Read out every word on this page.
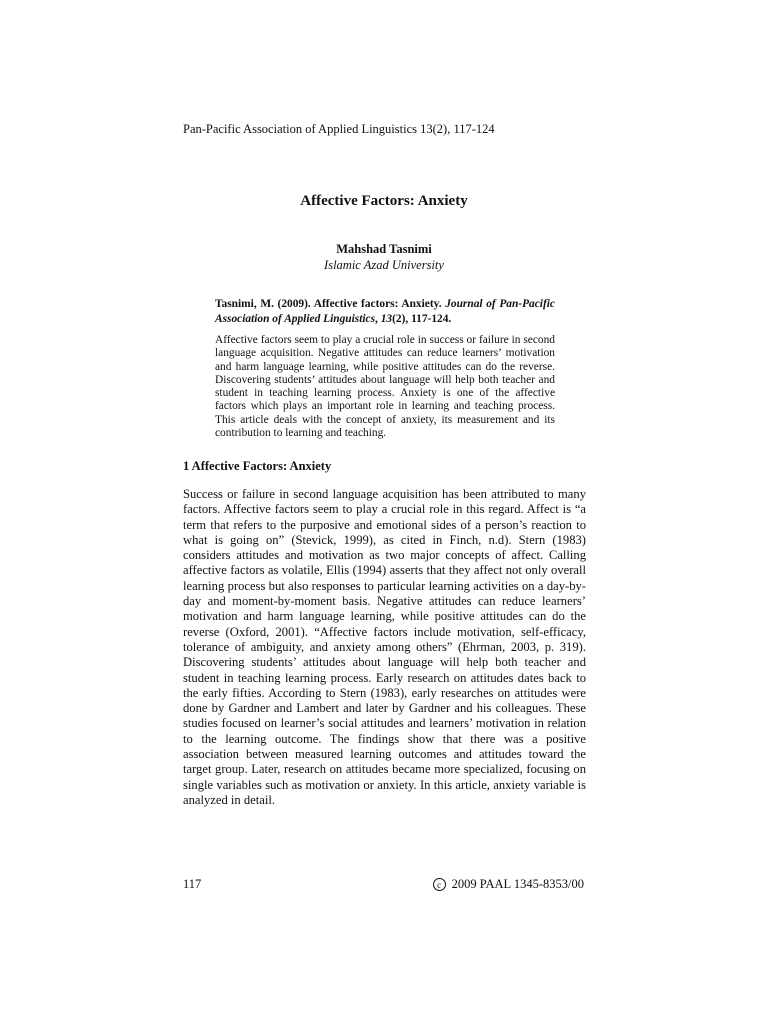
Pan-Pacific Association of Applied Linguistics 13(2), 117-124
Affective Factors: Anxiety
Mahshad Tasnimi
Islamic Azad University
Tasnimi, M. (2009). Affective factors: Anxiety. Journal of Pan-Pacific Association of Applied Linguistics, 13(2), 117-124.
Affective factors seem to play a crucial role in success or failure in second language acquisition. Negative attitudes can reduce learners’ motivation and harm language learning, while positive attitudes can do the reverse. Discovering students’ attitudes about language will help both teacher and student in teaching learning process. Anxiety is one of the affective factors which plays an important role in learning and teaching process. This article deals with the concept of anxiety, its measurement and its contribution to learning and teaching.
1 Affective Factors: Anxiety
Success or failure in second language acquisition has been attributed to many factors. Affective factors seem to play a crucial role in this regard. Affect is “a term that refers to the purposive and emotional sides of a person’s reaction to what is going on” (Stevick, 1999), as cited in Finch, n.d). Stern (1983) considers attitudes and motivation as two major concepts of affect. Calling affective factors as volatile, Ellis (1994) asserts that they affect not only overall learning process but also responses to particular learning activities on a day-by-day and moment-by-moment basis. Negative attitudes can reduce learners’ motivation and harm language learning, while positive attitudes can do the reverse (Oxford, 2001). “Affective factors include motivation, self-efficacy, tolerance of ambiguity, and anxiety among others” (Ehrman, 2003, p. 319). Discovering students’ attitudes about language will help both teacher and student in teaching learning process. Early research on attitudes dates back to the early fifties. According to Stern (1983), early researches on attitudes were done by Gardner and Lambert and later by Gardner and his colleagues. These studies focused on learner’s social attitudes and learners’ motivation in relation to the learning outcome. The findings show that there was a positive association between measured learning outcomes and attitudes toward the target group. Later, research on attitudes became more specialized, focusing on single variables such as motivation or anxiety. In this article, anxiety variable is analyzed in detail.
117	c 2009 PAAL 1345-8353/00
